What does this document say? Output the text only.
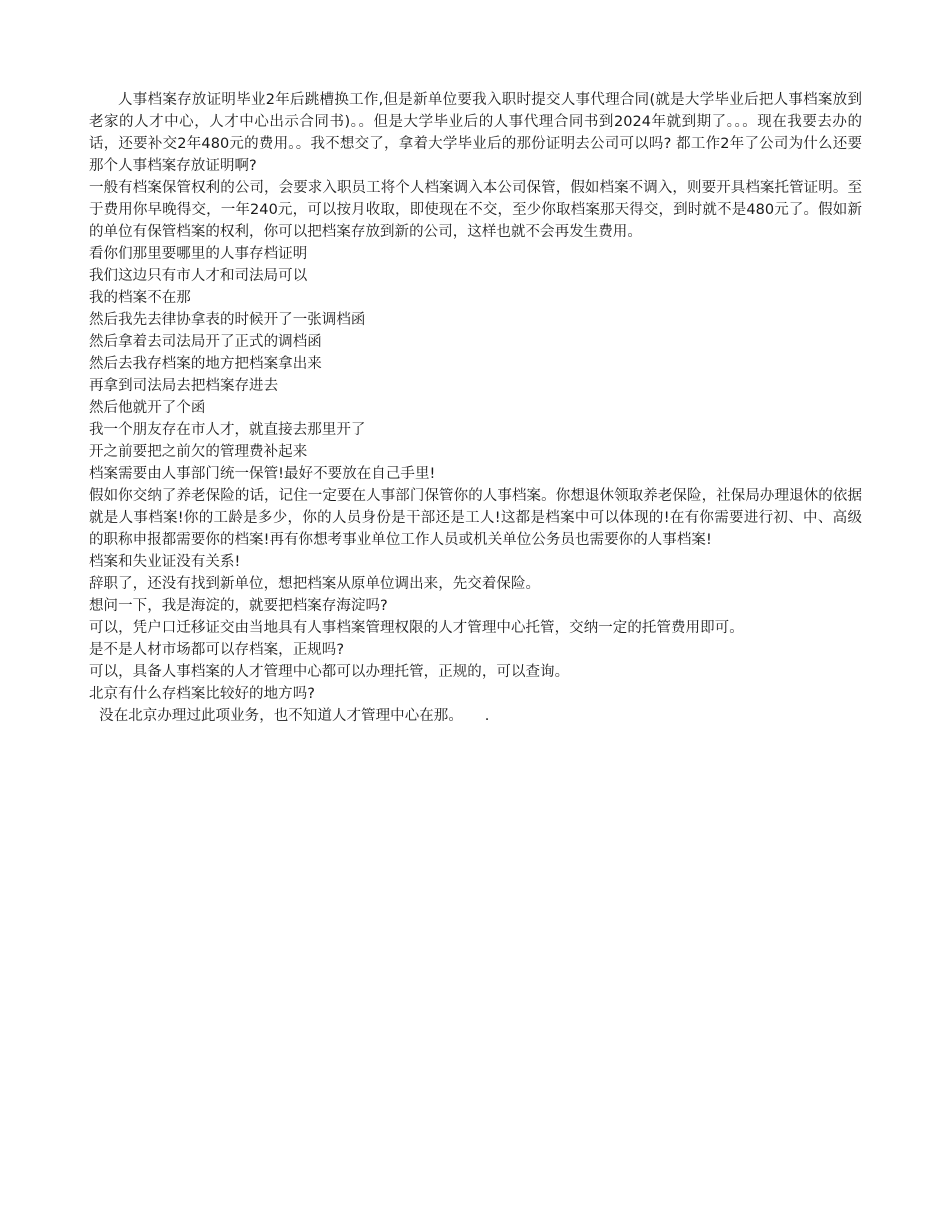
人事档案存放证明毕业2年后跳槽换工作,但是新单位要我入职时提交人事代理合同(就是大学毕业后把人事档案放到老家的人才中心，人才中心出示合同书)。。但是大学毕业后的人事代理合同书到2024年就到期了。。。现在我要去办的话，还要补交2年480元的费用。。我不想交了，拿着大学毕业后的那份证明去公司可以吗? 都工作2年了公司为什么还要那个人事档案存放证明啊?

一般有档案保管权利的公司，会要求入职员工将个人档案调入本公司保管，假如档案不调入，则要开具档案托管证明。至于费用你早晚得交，一年240元，可以按月收取，即使现在不交，至少你取档案那天得交，到时就不是480元了。假如新的单位有保管档案的权利，你可以把档案存放到新的公司，这样也就不会再发生费用。

看你们那里要哪里的人事存档证明

我们这边只有市人才和司法局可以

我的档案不在那

然后我先去律协拿表的时候开了一张调档函

然后拿着去司法局开了正式的调档函

然后去我存档案的地方把档案拿出来

再拿到司法局去把档案存进去

然后他就开了个函

我一个朋友存在市人才，就直接去那里开了

开之前要把之前欠的管理费补起来

档案需要由人事部门统一保管!最好不要放在自己手里!

假如你交纳了养老保险的话，记住一定要在人事部门保管你的人事档案。你想退休领取养老保险，社保局办理退休的依据就是人事档案!你的工龄是多少，你的人员身份是干部还是工人!这都是档案中可以体现的!在有你需要进行初、中、高级的职称申报都需要你的档案!再有你想考事业单位工作人员或机关单位公务员也需要你的人事档案!

档案和失业证没有关系!

辞职了，还没有找到新单位，想把档案从原单位调出来，先交着保险。

想问一下，我是海淀的，就要把档案存海淀吗?

可以，凭户口迁移证交由当地具有人事档案管理权限的人才管理中心托管，交纳一定的托管费用即可。

是不是人材市场都可以存档案，正规吗?

可以，具备人事档案的人才管理中心都可以办理托管，正规的，可以查询。

北京有什么存档案比较好的地方吗?

没在北京办理过此项业务，也不知道人才管理中心在那。　　.
